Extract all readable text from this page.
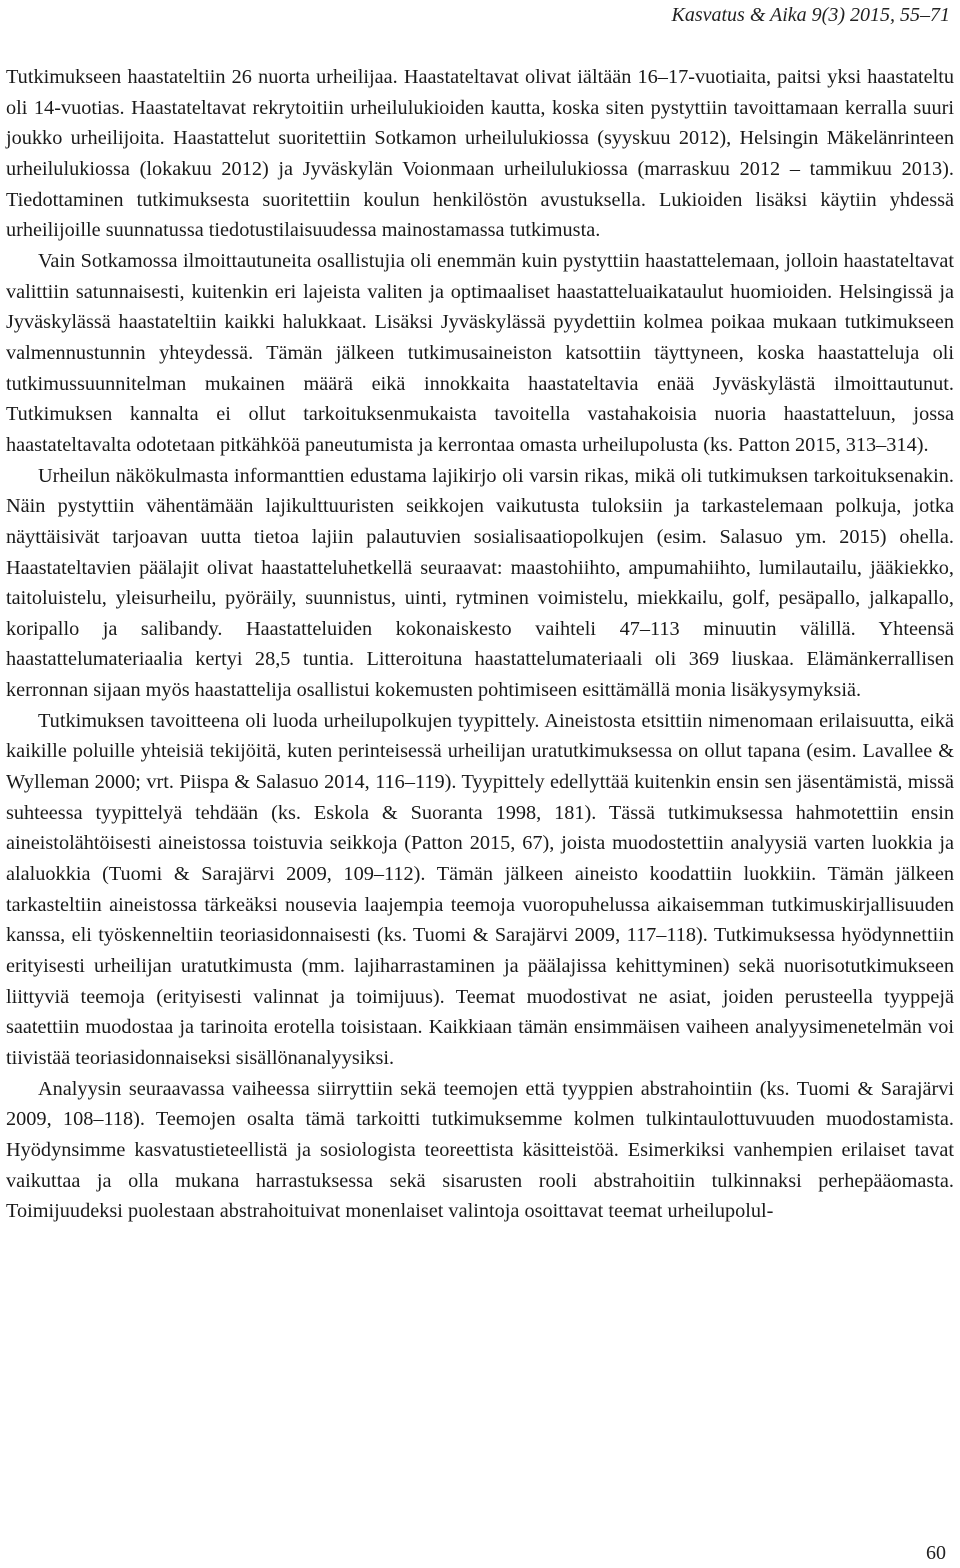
Kasvatus & Aika 9(3) 2015, 55–71

Tutkimukseen haastateltiin 26 nuorta urheilijaa. Haastateltavat olivat iältään 16–17-vuotiaita, paitsi yksi haastateltu oli 14-vuotias. Haastateltavat rekrytoitiin urheilulukioiden kautta, koska siten pystyttiin tavoittamaan kerralla suuri joukko urheilijoita. Haastattelut suoritettiin Sotkamon urheilulukiossa (syyskuu 2012), Helsingin Mäkelänrinteen urheilulukiossa (lokakuu 2012) ja Jyväskylän Voionmaan urheilulukiossa (marraskuu 2012 – tammikuu 2013). Tiedottaminen tutkimuksesta suoritettiin koulun henkilöstön avustuksella. Lukioiden lisäksi käytiin yhdessä urheilijoille suunnatussa tiedotustilaisuudessa mainostamassa tutkimusta.

Vain Sotkamossa ilmoittautuneita osallistujia oli enemmän kuin pystyttiin haastattelemaan, jolloin haastateltavat valittiin satunnaisesti, kuitenkin eri lajeista valiten ja optimaaliset haastatteluaikataulut huomioiden. Helsingissä ja Jyväskylässä haastateltiin kaikki halukkaat. Lisäksi Jyväskylässä pyydettiin kolmea poikaa mukaan tutkimukseen valmennustunnin yhteydessä. Tämän jälkeen tutkimusaineiston katsottiin täyttyneen, koska haastatteluja oli tutkimussuunnitelman mukainen määrä eikä innokkaita haastateltavia enää Jyväskylästä ilmoittautunut. Tutkimuksen kannalta ei ollut tarkoituksenmukaista tavoitella vastahakoisia nuoria haastatteluun, jossa haastateltavalta odotetaan pitkähköä paneutumista ja kerrontaa omasta urheilupolusta (ks. Patton 2015, 313–314).

Urheilun näkökulmasta informanttien edustama lajikirjo oli varsin rikas, mikä oli tutkimuksen tarkoituksenakin. Näin pystyttiin vähentämään lajikulttuuristen seikkojen vaikutusta tuloksiin ja tarkastelemaan polkuja, jotka näyttäisivät tarjoavan uutta tietoa lajiin palautuvien sosialisaatiopolkujen (esim. Salasuo ym. 2015) ohella. Haastateltavien päälajit olivat haastatteluhetkellä seuraavat: maastohiihto, ampumahiihto, lumilautailu, jääkiekko, taitoluistelu, yleisurheilu, pyöräily, suunnistus, uinti, rytminen voimistelu, miekkailu, golf, pesäpallo, jalkapallo, koripallo ja salibandy. Haastatteluiden kokonaiskesto vaihteli 47–113 minuutin välillä. Yhteensä haastattelumateriaalia kertyi 28,5 tuntia. Litteroituna haastattelumateriaali oli 369 liuskaa. Elämänkerrallisen kerronnan sijaan myös haastattelija osallistui kokemusten pohtimiseen esittämällä monia lisäkysymyksiä.

Tutkimuksen tavoitteena oli luoda urheilupolkujen tyypittely. Aineistosta etsittiin nimenomaan erilaisuutta, eikä kaikille poluille yhteisiä tekijöitä, kuten perinteisessä urheilijan uratutkimuksessa on ollut tapana (esim. Lavallee & Wylleman 2000; vrt. Piispa & Salasuo 2014, 116–119). Tyypittely edellyttää kuitenkin ensin sen jäsentämistä, missä suhteessa tyypittelyä tehdään (ks. Eskola & Suoranta 1998, 181). Tässä tutkimuksessa hahmotettiin ensin aineistolähtöisesti aineistossa toistuvia seikkoja (Patton 2015, 67), joista muodostettiin analyysiä varten luokkia ja alaluokkia (Tuomi & Sarajärvi 2009, 109–112). Tämän jälkeen aineisto koodattiin luokkiin. Tämän jälkeen tarkasteltiin aineistossa tärkeäksi nousevia laajempia teemoja vuoropuhelussa aikaisemman tutkimuskirjallisuuden kanssa, eli työskenneltiin teoriasidonnaisesti (ks. Tuomi & Sarajärvi 2009, 117–118). Tutkimuksessa hyödynnettiin erityisesti urheilijan uratutkimusta (mm. lajiharrastaminen ja päälajissa kehittyminen) sekä nuorisotutkimukseen liittyviä teemoja (erityisesti valinnat ja toimijuus). Teemat muodostivat ne asiat, joiden perusteella tyyppejä saatettiin muodostaa ja tarinoita erotella toisistaan. Kaikkiaan tämän ensimmäisen vaiheen analyysimenetelmän voi tiivistää teoriasidonnaiseksi sisällönanalyysiksi.

Analyysin seuraavassa vaiheessa siirryttiin sekä teemojen että tyyppien abstrahointiin (ks. Tuomi & Sarajärvi 2009, 108–118). Teemojen osalta tämä tarkoitti tutkimuksemme kolmen tulkintaulottuvuuden muodostamista. Hyödynsimme kasvatustieteellistä ja sosiologista teoreettista käsitteistöä. Esimerkiksi vanhempien erilaiset tavat vaikuttaa ja olla mukana harrastuksessa sekä sisarusten rooli abstrahoitiin tulkinnaksi perhepääomasta. Toimijuudeksi puolestaan abstrahoituivat monenlaiset valintoja osoittavat teemat urheilupolul-

60
